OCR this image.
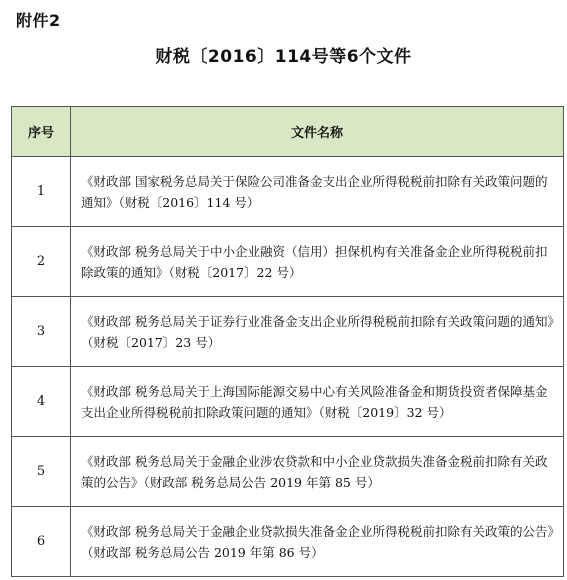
附件2
财税〔2016〕114号等6个文件
序号	文件名称
1	《财政部 国家税务总局关于保险公司准备金支出企业所得税税前扣除有关政策问题的通知》（财税〔2016〕114 号）
2	《财政部 税务总局关于中小企业融资（信用）担保机构有关准备金企业所得税税前扣除政策的通知》（财税〔2017〕22 号）
3	《财政部 税务总局关于证券行业准备金支出企业所得税税前扣除有关政策问题的通知》（财税〔2017〕23 号）
4	《财政部 税务总局关于上海国际能源交易中心有关风险准备金和期货投资者保障基金支出企业所得税税前扣除政策问题的通知》（财税〔2019〕32 号）
5	《财政部 税务总局关于金融企业涉农贷款和中小企业贷款损失准备金税前扣除有关政策的公告》（财政部 税务总局公告 2019 年第 85 号）
6	《财政部 税务总局关于金融企业贷款损失准备金企业所得税税前扣除有关政策的公告》（财政部 税务总局公告 2019 年第 86 号）
